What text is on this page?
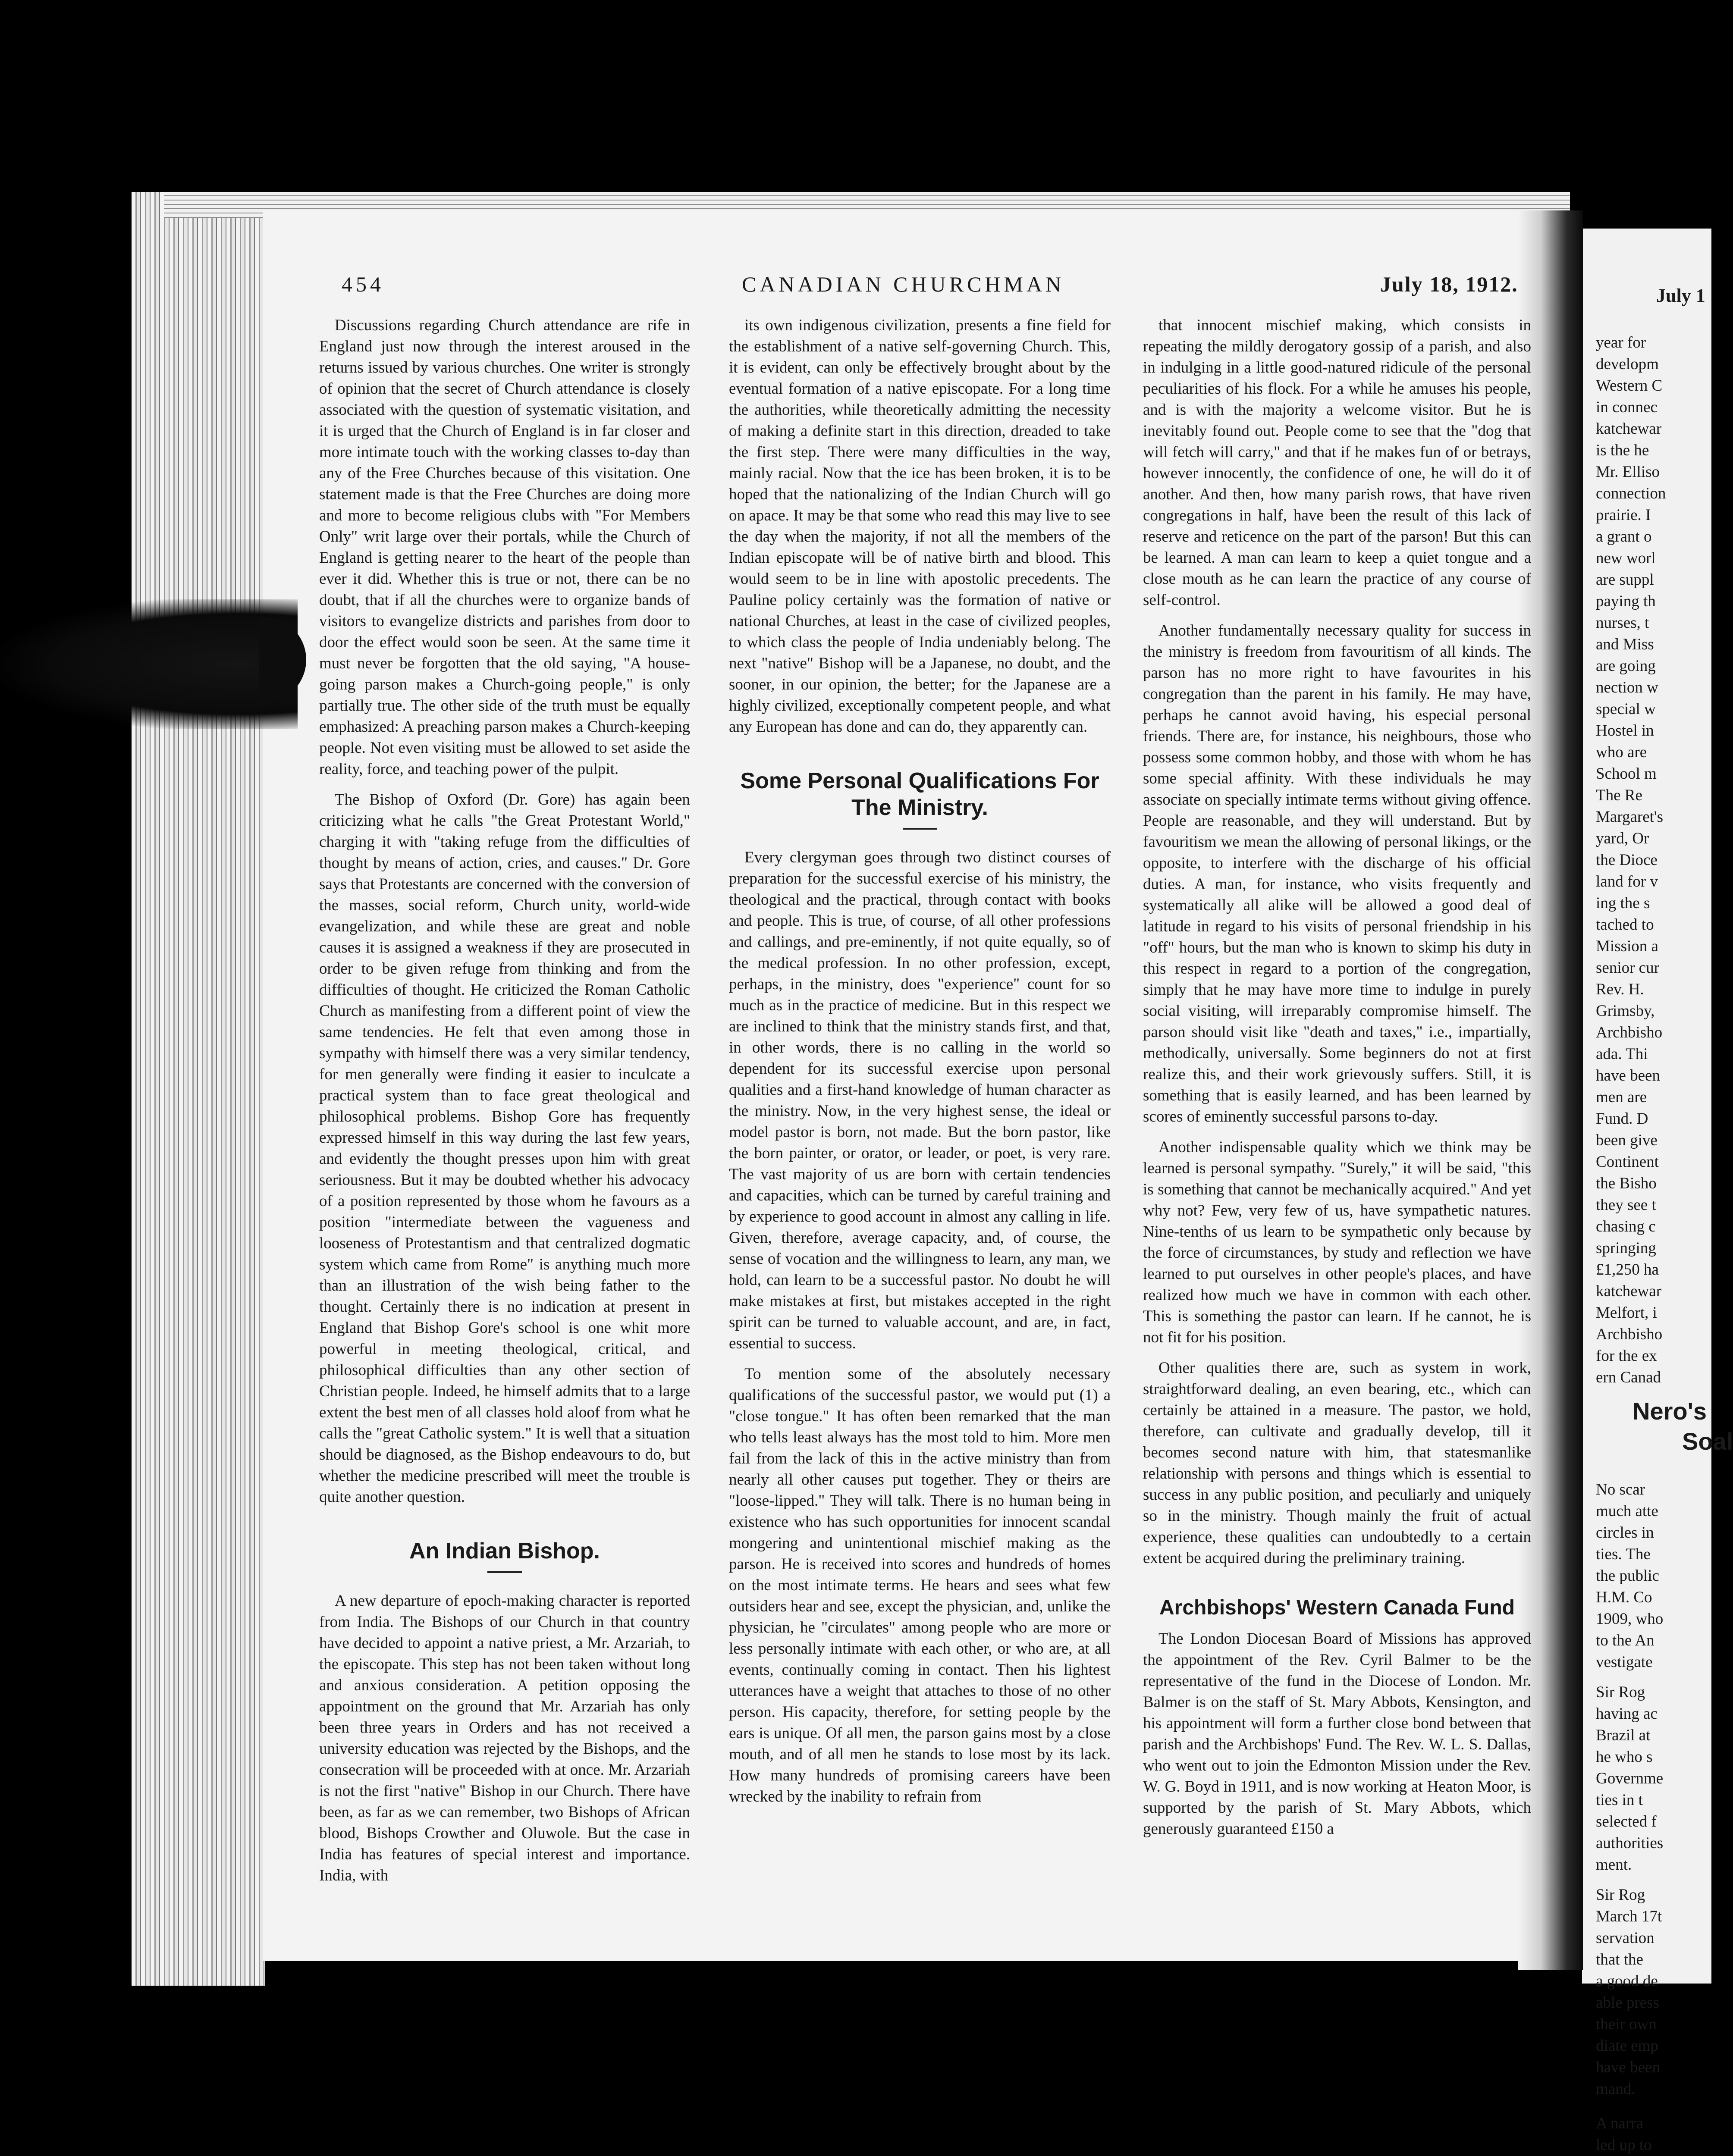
454	CANADIAN CHURCHMAN	July 18, 1912.

Discussions regarding Church attendance are rife in England just now through the interest aroused in the returns issued by various churches. One writer is strongly of opinion that the secret of Church attendance is closely associated with the question of systematic visitation, and it is urged that the Church of England is in far closer and more intimate touch with the working classes to-day than any of the Free Churches because of this visitation. One statement made is that the Free Churches are doing more and more to become religious clubs with "For Members Only" writ large over their portals, while the Church of England is getting nearer to the heart of the people than ever it did. Whether this is true or not, there can be no doubt, that if all the churches were to organize bands of visitors to evangelize districts and parishes from door to door the effect would soon be seen. At the same time it must never be forgotten that the old saying, "A house-going parson makes a Church-going people," is only partially true. The other side of the truth must be equally emphasized: A preaching parson makes a Church-keeping people. Not even visiting must be allowed to set aside the reality, force, and teaching power of the pulpit.

The Bishop of Oxford (Dr. Gore) has again been criticizing what he calls "the Great Protestant World," charging it with "taking refuge from the difficulties of thought by means of action, cries, and causes." Dr. Gore says that Protestants are concerned with the conversion of the masses, social reform, Church unity, world-wide evangelization, and while these are great and noble causes it is assigned a weakness if they are prosecuted in order to be given refuge from thinking and from the difficulties of thought. He criticized the Roman Catholic Church as manifesting from a different point of view the same tendencies. He felt that even among those in sympathy with himself there was a very similar tendency, for men generally were finding it easier to inculcate a practical system than to face great theological and philosophical problems. Bishop Gore has frequently expressed himself in this way during the last few years, and evidently the thought presses upon him with great seriousness. But it may be doubted whether his advocacy of a position represented by those whom he favours as a position "intermediate between the vagueness and looseness of Protestantism and that centralized dogmatic system which came from Rome" is anything much more than an illustration of the wish being father to the thought. Certainly there is no indication at present in England that Bishop Gore's school is one whit more powerful in meeting theological, critical, and philosophical difficulties than any other section of Christian people. Indeed, he himself admits that to a large extent the best men of all classes hold aloof from what he calls the "great Catholic system." It is well that a situation should be diagnosed, as the Bishop endeavours to do, but whether the medicine prescribed will meet the trouble is quite another question.

An Indian Bishop.

A new departure of epoch-making character is reported from India. The Bishops of our Church in that country have decided to appoint a native priest, a Mr. Arzariah, to the episcopate. This step has not been taken without long and anxious consideration. A petition opposing the appointment on the ground that Mr. Arzariah has only been three years in Orders and has not received a university education was rejected by the Bishops, and the consecration will be proceeded with at once. Mr. Arzariah is not the first "native" Bishop in our Church. There have been, as far as we can remember, two Bishops of African blood, Bishops Crowther and Oluwole. But the case in India has features of special interest and importance. India, with

its own indigenous civilization, presents a fine field for the establishment of a native self-governing Church. This, it is evident, can only be effectively brought about by the eventual formation of a native episcopate. For a long time the authorities, while theoretically admitting the necessity of making a definite start in this direction, dreaded to take the first step. There were many difficulties in the way, mainly racial. Now that the ice has been broken, it is to be hoped that the nationalizing of the Indian Church will go on apace. It may be that some who read this may live to see the day when the majority, if not all the members of the Indian episcopate will be of native birth and blood. This would seem to be in line with apostolic precedents. The Pauline policy certainly was the formation of native or national Churches, at least in the case of civilized peoples, to which class the people of India undeniably belong. The next "native" Bishop will be a Japanese, no doubt, and the sooner, in our opinion, the better; for the Japanese are a highly civilized, exceptionally competent people, and what any European has done and can do, they apparently can.

Some Personal Qualifications For The Ministry.

Every clergyman goes through two distinct courses of preparation for the successful exercise of his ministry, the theological and the practical, through contact with books and people. This is true, of course, of all other professions and callings, and pre-eminently, if not quite equally, so of the medical profession. In no other profession, except, perhaps, in the ministry, does "experience" count for so much as in the practice of medicine. But in this respect we are inclined to think that the ministry stands first, and that, in other words, there is no calling in the world so dependent for its successful exercise upon personal qualities and a first-hand knowledge of human character as the ministry. Now, in the very highest sense, the ideal or model pastor is born, not made. But the born pastor, like the born painter, or orator, or leader, or poet, is very rare. The vast majority of us are born with certain tendencies and capacities, which can be turned by careful training and by experience to good account in almost any calling in life. Given, therefore, average capacity, and, of course, the sense of vocation and the willingness to learn, any man, we hold, can learn to be a successful pastor. No doubt he will make mistakes at first, but mistakes accepted in the right spirit can be turned to valuable account, and are, in fact, essential to success.

To mention some of the absolutely necessary qualifications of the successful pastor, we would put (1) a "close tongue." It has often been remarked that the man who tells least always has the most told to him. More men fail from the lack of this in the active ministry than from nearly all other causes put together. They or theirs are "loose-lipped." They will talk. There is no human being in existence who has such opportunities for innocent scandal mongering and unintentional mischief making as the parson. He is received into scores and hundreds of homes on the most intimate terms. He hears and sees what few outsiders hear and see, except the physician, and, unlike the physician, he "circulates" among people who are more or less personally intimate with each other, or who are, at all events, continually coming in contact. Then his lightest utterances have a weight that attaches to those of no other person. His capacity, therefore, for setting people by the ears is unique. Of all men, the parson gains most by a close mouth, and of all men he stands to lose most by its lack. How many hundreds of promising careers have been wrecked by the inability to refrain from

that innocent mischief making, which consists in repeating the mildly derogatory gossip of a parish, and also in indulging in a little good-natured ridicule of the personal peculiarities of his flock. For a while he amuses his people, and is with the majority a welcome visitor. But he is inevitably found out. People come to see that the "dog that will fetch will carry," and that if he makes fun of or betrays, however innocently, the confidence of one, he will do it of another. And then, how many parish rows, that have riven congregations in half, have been the result of this lack of reserve and reticence on the part of the parson! But this can be learned. A man can learn to keep a quiet tongue and a close mouth as he can learn the practice of any course of self-control.

Another fundamentally necessary quality for success in the ministry is freedom from favouritism of all kinds. The parson has no more right to have favourites in his congregation than the parent in his family. He may have, perhaps he cannot avoid having, his especial personal friends. There are, for instance, his neighbours, those who possess some common hobby, and those with whom he has some special affinity. With these individuals he may associate on specially intimate terms without giving offence. People are reasonable, and they will understand. But by favouritism we mean the allowing of personal likings, or the opposite, to interfere with the discharge of his official duties. A man, for instance, who visits frequently and systematically all alike will be allowed a good deal of latitude in regard to his visits of personal friendship in his "off" hours, but the man who is known to skimp his duty in this respect in regard to a portion of the congregation, simply that he may have more time to indulge in purely social visiting, will irreparably compromise himself. The parson should visit like "death and taxes," i.e., impartially, methodically, universally. Some beginners do not at first realize this, and their work grievously suffers. Still, it is something that is easily learned, and has been learned by scores of eminently successful parsons to-day.

Another indispensable quality which we think may be learned is personal sympathy. "Surely," it will be said, "this is something that cannot be mechanically acquired." And yet why not? Few, very few of us, have sympathetic natures. Nine-tenths of us learn to be sympathetic only because by the force of circumstances, by study and reflection we have learned to put ourselves in other people's places, and have realized how much we have in common with each other. This is something the pastor can learn. If he cannot, he is not fit for his position.

Other qualities there are, such as system in work, straightforward dealing, an even bearing, etc., which can certainly be attained in a measure. The pastor, we hold, therefore, can cultivate and gradually develop, till it becomes second nature with him, that statesmanlike relationship with persons and things which is essential to success in any public position, and peculiarly and uniquely so in the ministry. Though mainly the fruit of actual experience, these qualities can undoubtedly to a certain extent be acquired during the preliminary training.

Archbishops' Western Canada Fund

The London Diocesan Board of Missions has approved the appointment of the Rev. Cyril Balmer to be the representative of the fund in the Diocese of London. Mr. Balmer is on the staff of St. Mary Abbots, Kensington, and his appointment will form a further close bond between that parish and the Archbishops' Fund. The Rev. W. L. S. Dallas, who went out to join the Edmonton Mission under the Rev. W. G. Boyd in 1911, and is now working at Heaton Moor, is supported by the parish of St. Mary Abbots, which generously guaranteed £150 a

July 1
year for
developm
Western C
in connec
katchewar
is the he
Mr. Elliso
connection
prairie. I
a grant o
new worl
are suppl
paying th
nurses, t
and Miss
are going
nection w
special w
Hostel in
who are
School m
The Re
Margaret's
yard, Or
the Dioce
land for v
ing the s
tached to
Mission a
senior cur
Rev. H.
Grimsby,
Archbisho
ada. Thi
have been
men are
Fund. D
been give
Continent
the Bisho
they see t
chasing c
springing
£1,250 ha
katchewar
Melfort, i
Archbisho
for the ex
ern Canad
Nero's
Soal
No scar
much atte
circles in
ties. The
the public
H.M. Co
1909, who
to the An
vestigate
Sir Rog
having ac
Brazil at
he who s
Governme
ties in t
selected f
authorities
ment.
Sir Rog
March 17t
servation
that the
a good de
able press
their own
diate emp
have been
mand.
A narra
led up to
